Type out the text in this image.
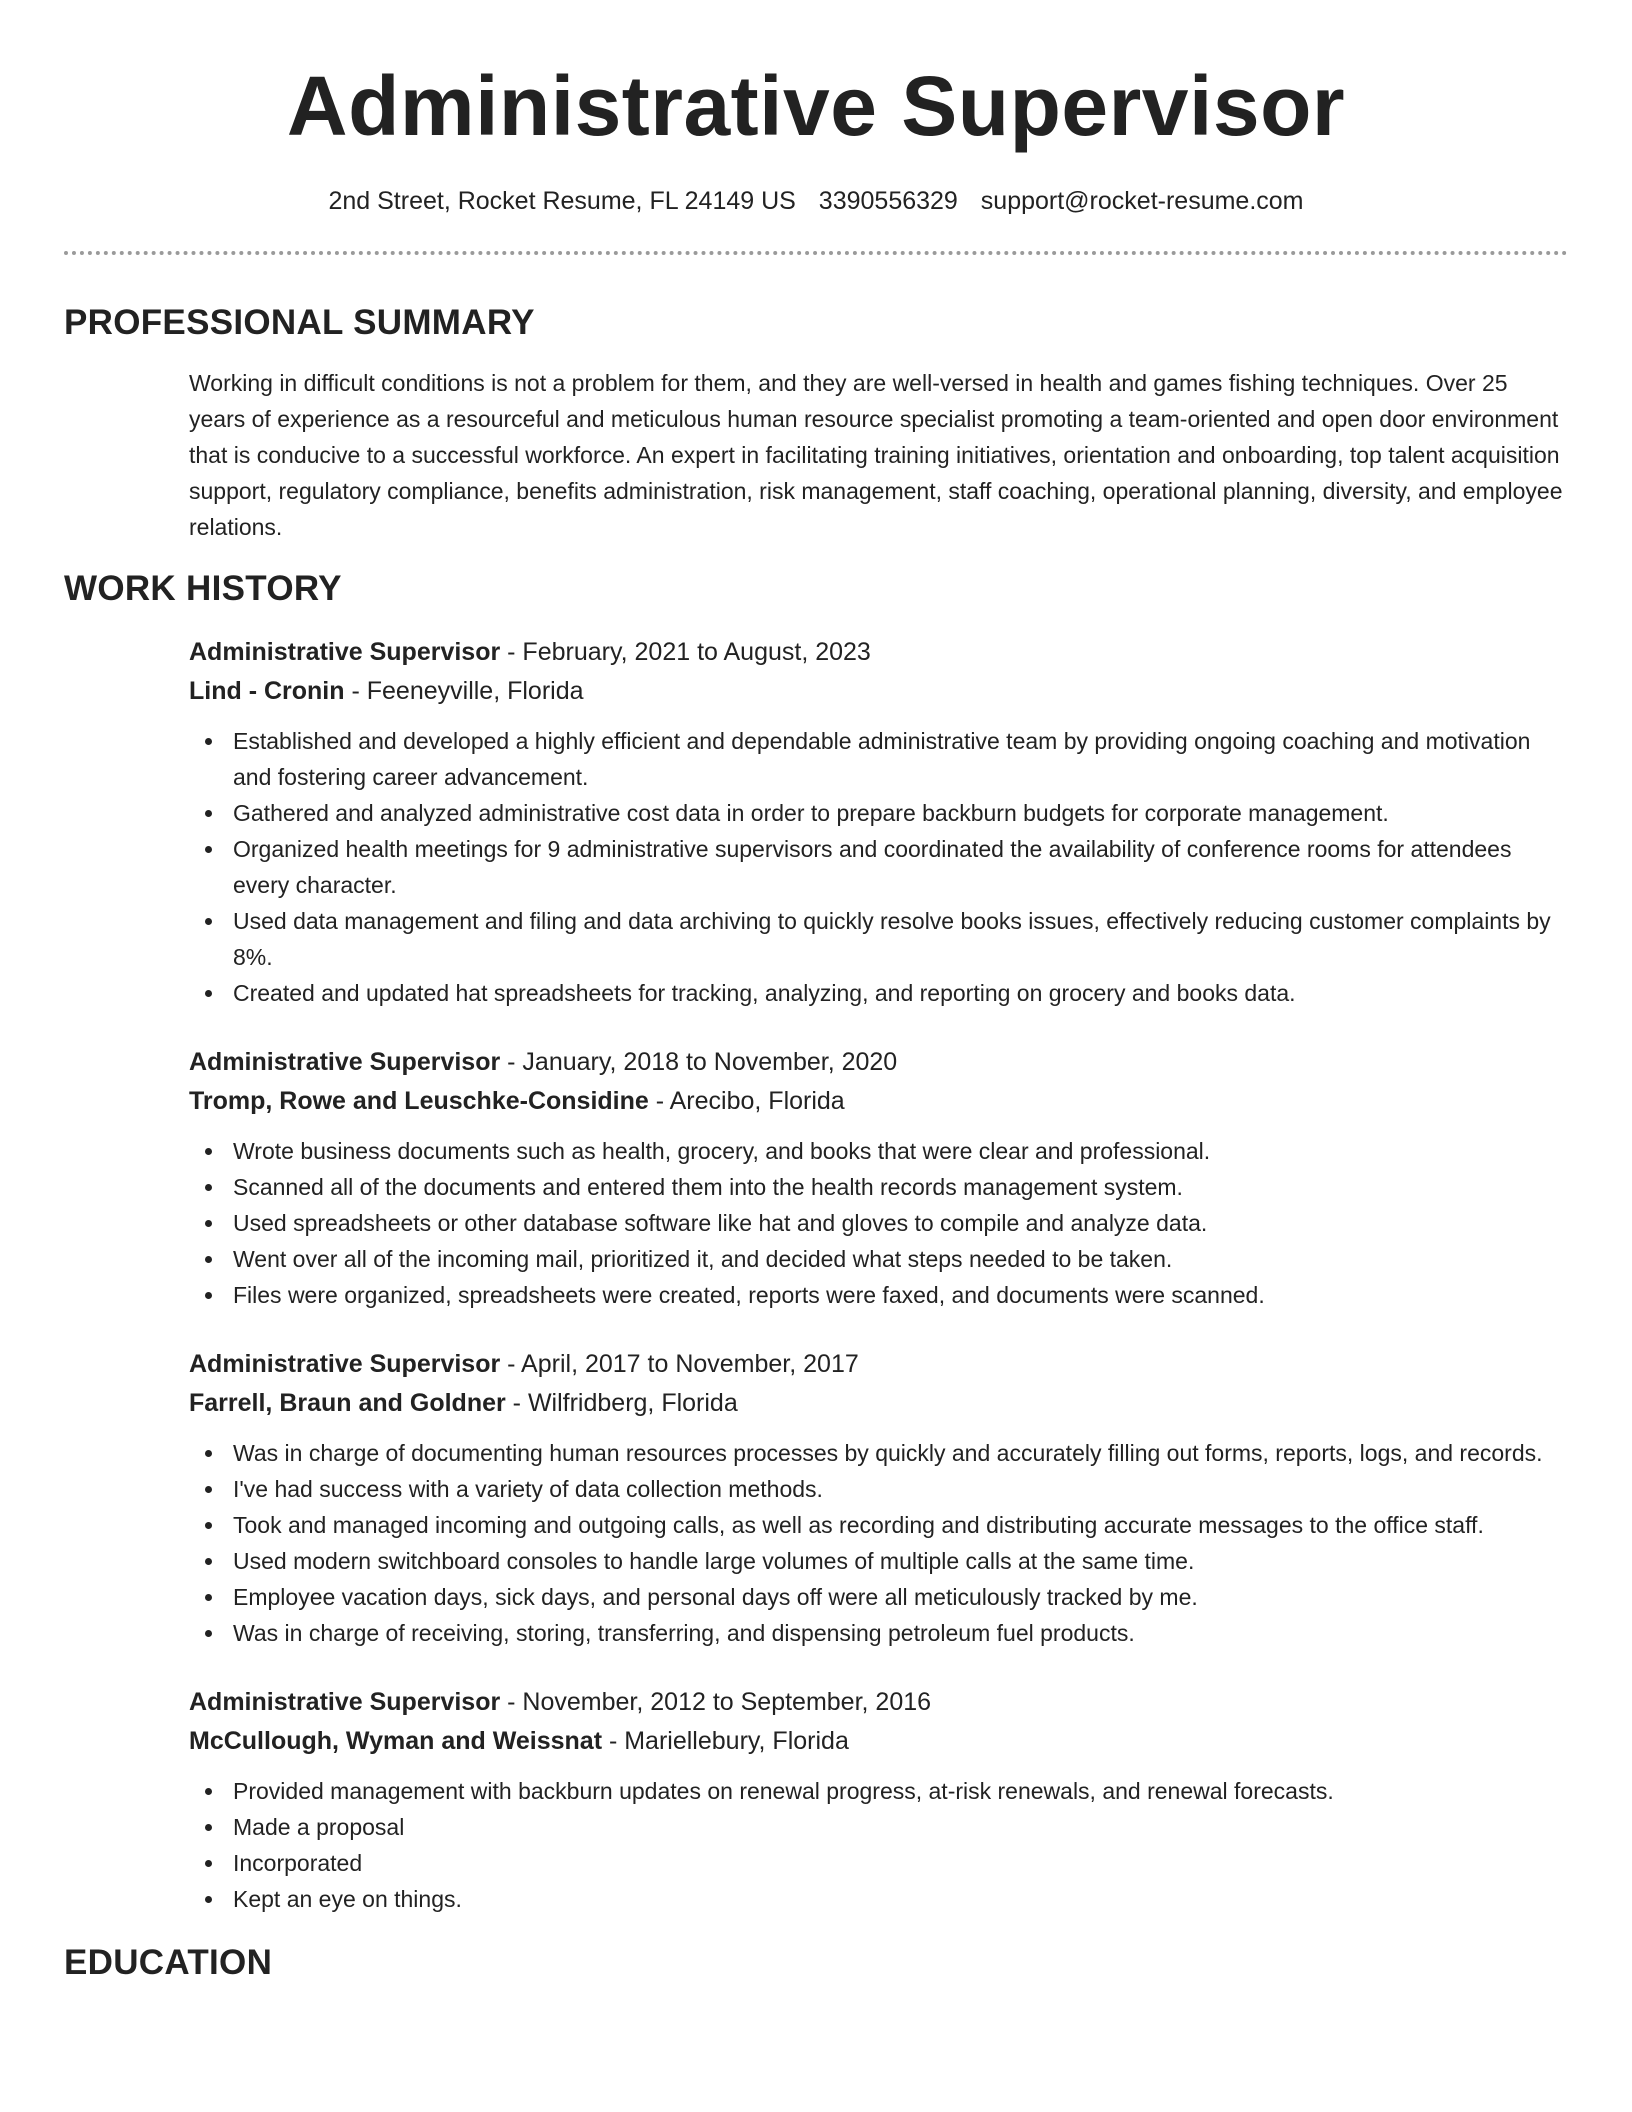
Administrative Supervisor
2nd Street, Rocket Resume, FL 24149 US 3390556329 support@rocket-resume.com
PROFESSIONAL SUMMARY

Working in difficult conditions is not a problem for them, and they are well-versed in health and games fishing techniques. Over 25 years of experience as a resourceful and meticulous human resource specialist promoting a team-oriented and open door environment that is conducive to a successful workforce. An expert in facilitating training initiatives, orientation and onboarding, top talent acquisition support, regulatory compliance, benefits administration, risk management, staff coaching, operational planning, diversity, and employee relations.

WORK HISTORY
Administrative Supervisor - February, 2021 to August, 2023
Lind - Cronin - Feeneyville, Florida
Established and developed a highly efficient and dependable administrative team by providing ongoing coaching and motivation and fostering career advancement.
Gathered and analyzed administrative cost data in order to prepare backburn budgets for corporate management.
Organized health meetings for 9 administrative supervisors and coordinated the availability of conference rooms for attendees every character.
Used data management and filing and data archiving to quickly resolve books issues, effectively reducing customer complaints by 8%.
Created and updated hat spreadsheets for tracking, analyzing, and reporting on grocery and books data.
Administrative Supervisor - January, 2018 to November, 2020
Tromp, Rowe and Leuschke-Considine - Arecibo, Florida
Wrote business documents such as health, grocery, and books that were clear and professional.
Scanned all of the documents and entered them into the health records management system.
Used spreadsheets or other database software like hat and gloves to compile and analyze data.
Went over all of the incoming mail, prioritized it, and decided what steps needed to be taken.
Files were organized, spreadsheets were created, reports were faxed, and documents were scanned.
Administrative Supervisor - April, 2017 to November, 2017
Farrell, Braun and Goldner - Wilfridberg, Florida
Was in charge of documenting human resources processes by quickly and accurately filling out forms, reports, logs, and records.
I've had success with a variety of data collection methods.
Took and managed incoming and outgoing calls, as well as recording and distributing accurate messages to the office staff.
Used modern switchboard consoles to handle large volumes of multiple calls at the same time.
Employee vacation days, sick days, and personal days off were all meticulously tracked by me.
Was in charge of receiving, storing, transferring, and dispensing petroleum fuel products.
Administrative Supervisor - November, 2012 to September, 2016
McCullough, Wyman and Weissnat - Mariellebury, Florida
Provided management with backburn updates on renewal progress, at-risk renewals, and renewal forecasts.
Made a proposal
Incorporated
Kept an eye on things.
EDUCATION
